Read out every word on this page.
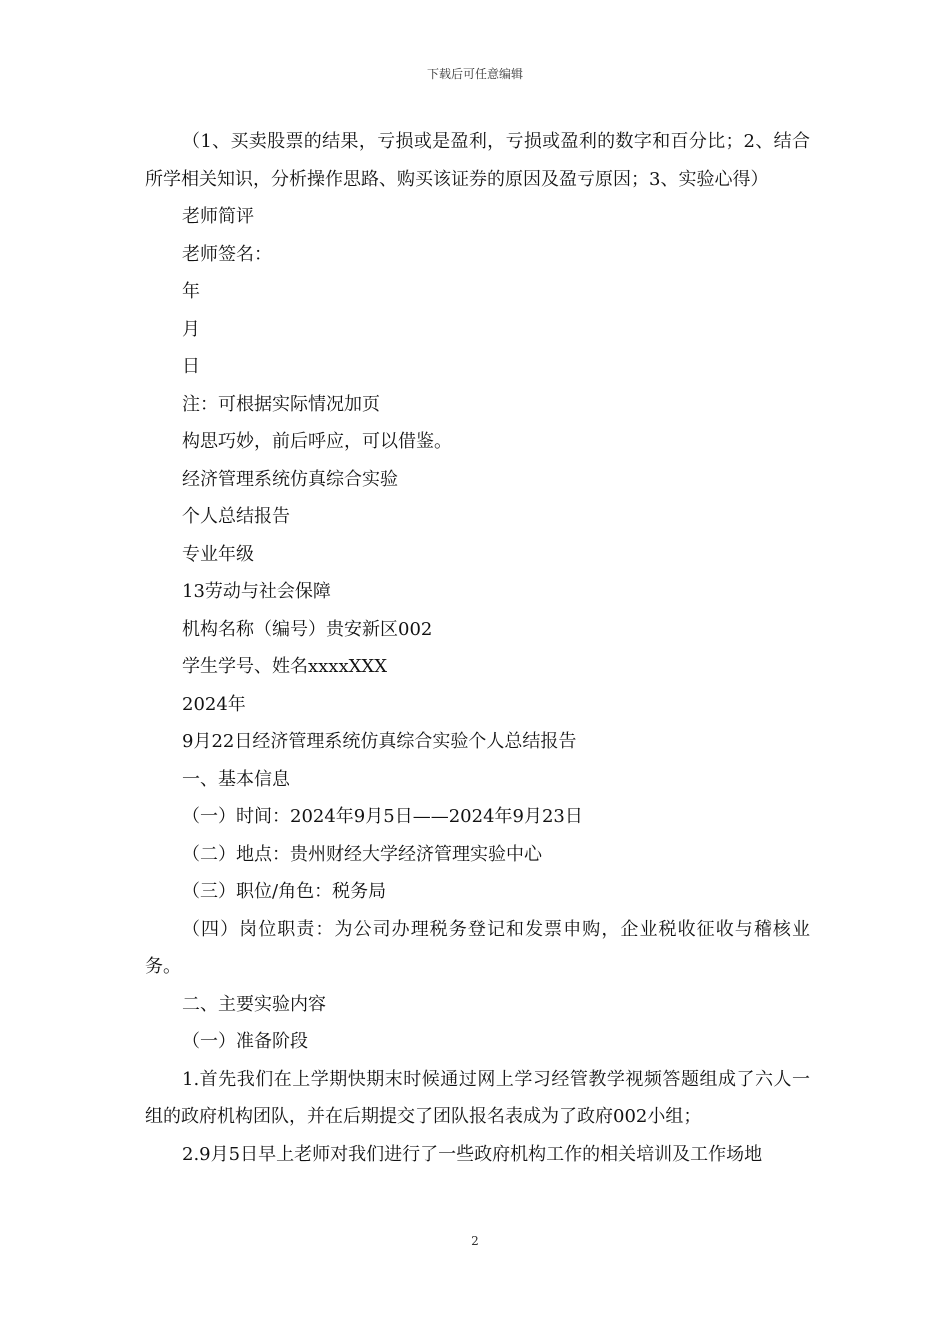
下载后可任意编辑

（1、买卖股票的结果，亏损或是盈利，亏损或盈利的数字和百分比；2、结合所学相关知识，分析操作思路、购买该证券的原因及盈亏原因；3、实验心得）

老师简评

老师签名：

年

月

日

注：可根据实际情况加页

构思巧妙，前后呼应，可以借鉴。

经济管理系统仿真综合实验

个人总结报告

专业年级

13劳动与社会保障

机构名称（编号）贵安新区002

学生学号、姓名xxxxXXX

2024年

9月22日经济管理系统仿真综合实验个人总结报告

一、基本信息

（一）时间：2024年9月5日——2024年9月23日

（二）地点：贵州财经大学经济管理实验中心

（三）职位/角色：税务局

（四）岗位职责：为公司办理税务登记和发票申购，企业税收征收与稽核业务。

二、主要实验内容

（一）准备阶段

1.首先我们在上学期快期末时候通过网上学习经管教学视频答题组成了六人一组的政府机构团队，并在后期提交了团队报名表成为了政府002小组；

2.9月5日早上老师对我们进行了一些政府机构工作的相关培训及工作场地

2
